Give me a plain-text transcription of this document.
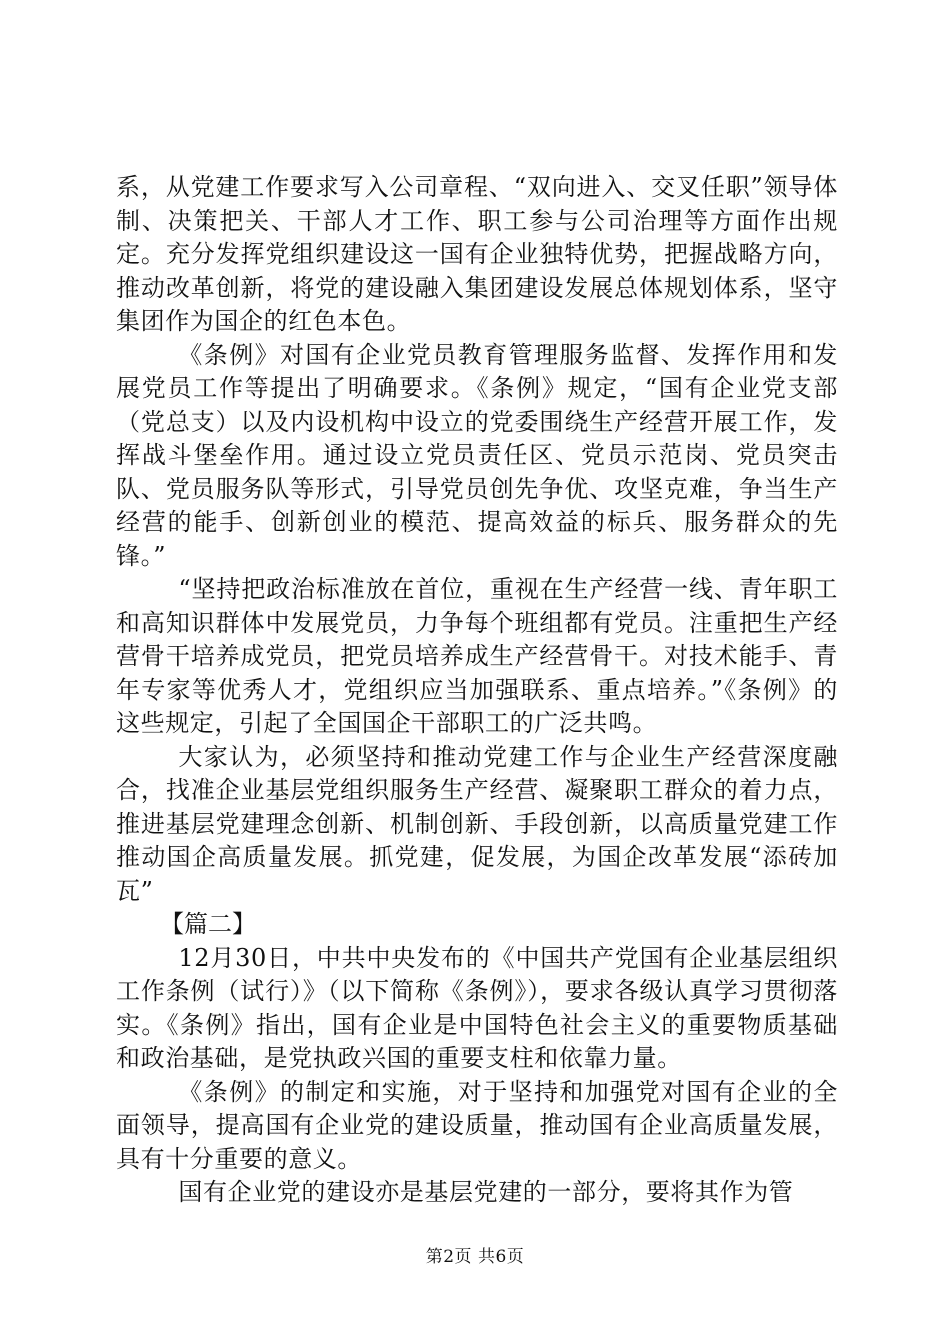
系，从党建工作要求写入公司章程、“双向进入、交叉任职”领导体制、决策把关、干部人才工作、职工参与公司治理等方面作出规定。充分发挥党组织建设这一国有企业独特优势，把握战略方向，推动改革创新，将党的建设融入集团建设发展总体规划体系，坚守集团作为国企的红色本色。

《条例》对国有企业党员教育管理服务监督、发挥作用和发展党员工作等提出了明确要求。《条例》规定，“国有企业党支部（党总支）以及内设机构中设立的党委围绕生产经营开展工作，发挥战斗堡垒作用。通过设立党员责任区、党员示范岗、党员突击队、党员服务队等形式，引导党员创先争优、攻坚克难，争当生产经营的能手、创新创业的模范、提高效益的标兵、服务群众的先锋。”

“坚持把政治标准放在首位，重视在生产经营一线、青年职工和高知识群体中发展党员，力争每个班组都有党员。注重把生产经营骨干培养成党员，把党员培养成生产经营骨干。对技术能手、青年专家等优秀人才，党组织应当加强联系、重点培养。”《条例》的这些规定，引起了全国国企干部职工的广泛共鸣。

大家认为，必须坚持和推动党建工作与企业生产经营深度融合，找准企业基层党组织服务生产经营、凝聚职工群众的着力点，推进基层党建理念创新、机制创新、手段创新，以高质量党建工作推动国企高质量发展。抓党建，促发展，为国企改革发展“添砖加瓦”

【篇二】

12月30日，中共中央发布的《中国共产党国有企业基层组织工作条例（试行）》（以下简称《条例》），要求各级认真学习贯彻落实。《条例》指出，国有企业是中国特色社会主义的重要物质基础和政治基础，是党执政兴国的重要支柱和依靠力量。

《条例》的制定和实施，对于坚持和加强党对国有企业的全面领导，提高国有企业党的建设质量，推动国有企业高质量发展，具有十分重要的意义。

国有企业党的建设亦是基层党建的一部分，要将其作为管

第2页 共6页
